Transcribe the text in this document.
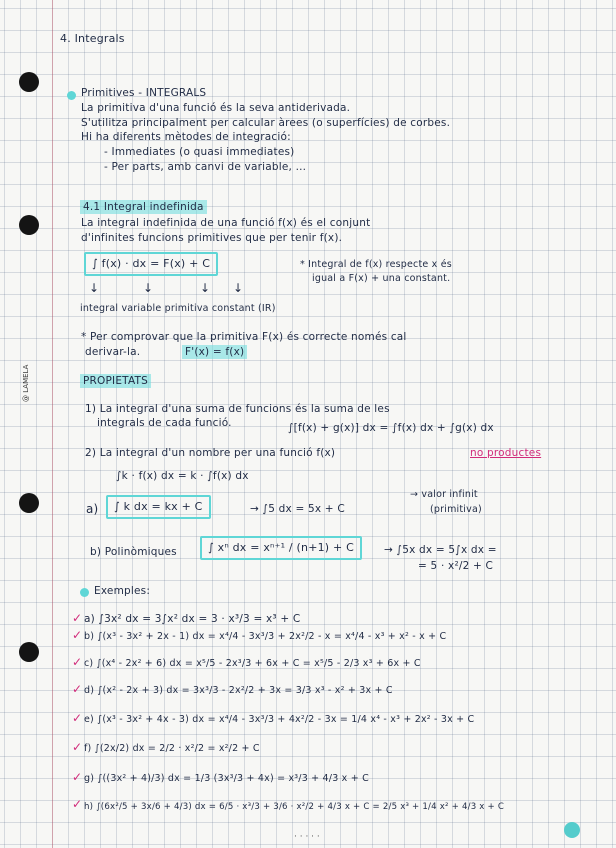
4. Integrals
Primitives - INTEGRALS
La primitiva d'una funció és la seva antiderivada.
S'utilitza principalment per calcular àrees (o superfícies) de corbes.
Hi ha diferents mètodes de integració:
- Immediates (o quasi immediates)
- Per parts, amb canvi de variable, ...
4.1 Integral indefinida
La integral indefinida de una funció f(x) és el conjunt
d'infinites funcions primitives que per tenir f(x).
∫ f(x) · dx = F(x) + C	* Integral de f(x) respecte x és
igual a F(x) + una constant.
↓	↓	↓ ↓
integral variable primitiva constant (IR)
* Per comprovar que la primitiva F(x) és correcte només cal
derivar-la.	F'(x) = f(x)
PROPIETATS
1) La integral d'una suma de funcions és la suma de les
integrals de cada funció.	∫[f(x) + g(x)] dx = ∫f(x) dx + ∫g(x) dx
2) La integral d'un nombre per una funció f(x)	no productes
∫k · f(x) dx = k · ∫f(x) dx
a)	∫ k dx = kx + C	→ ∫5 dx = 5x + C
→ valor infinit
(primitiva)
b) Polinòmiques	∫ xⁿ dx = xⁿ⁺¹ / (n+1) + C	→ ∫5x dx = 5∫x dx =
= 5 · x²/2 + C
Exemples:
✓ a) ∫3x² dx = 3∫x² dx = 3 · x³/3 = x³ + C
✓ b) ∫(x³ - 3x² + 2x - 1) dx = x⁴/4 - 3x³/3 + 2x²/2 - x = x⁴/4 - x³ + x² - x + C
✓ c) ∫(x⁴ - 2x² + 6) dx = x⁵/5 - 2x³/3 + 6x + C = x⁵/5 - 2/3 x³ + 6x + C
✓ d) ∫(x² - 2x + 3) dx = 3x³/3 - 2x²/2 + 3x = 3/3 x³ - x² + 3x + C
✓ e) ∫(x³ - 3x² + 4x - 3) dx = x⁴/4 - 3x³/3 + 4x²/2 - 3x = 1/4 x⁴ - x³ + 2x² - 3x + C
✓ f) ∫(2x/2) dx = 2/2 · x²/2 = x²/2 + C
✓ g) ∫((3x² + 4)/3) dx = 1/3 (3x³/3 + 4x) = x³/3 + 4/3 x + C
✓ h) ∫(6x²/5 + 3x/6 + 4/3) dx = 6/5 · x³/3 + 3/6 · x²/2 + 4/3 x + C = 2/5 x³ + 1/4 x² + 4/3 x + C
@ LAMELA
· · · · ·
